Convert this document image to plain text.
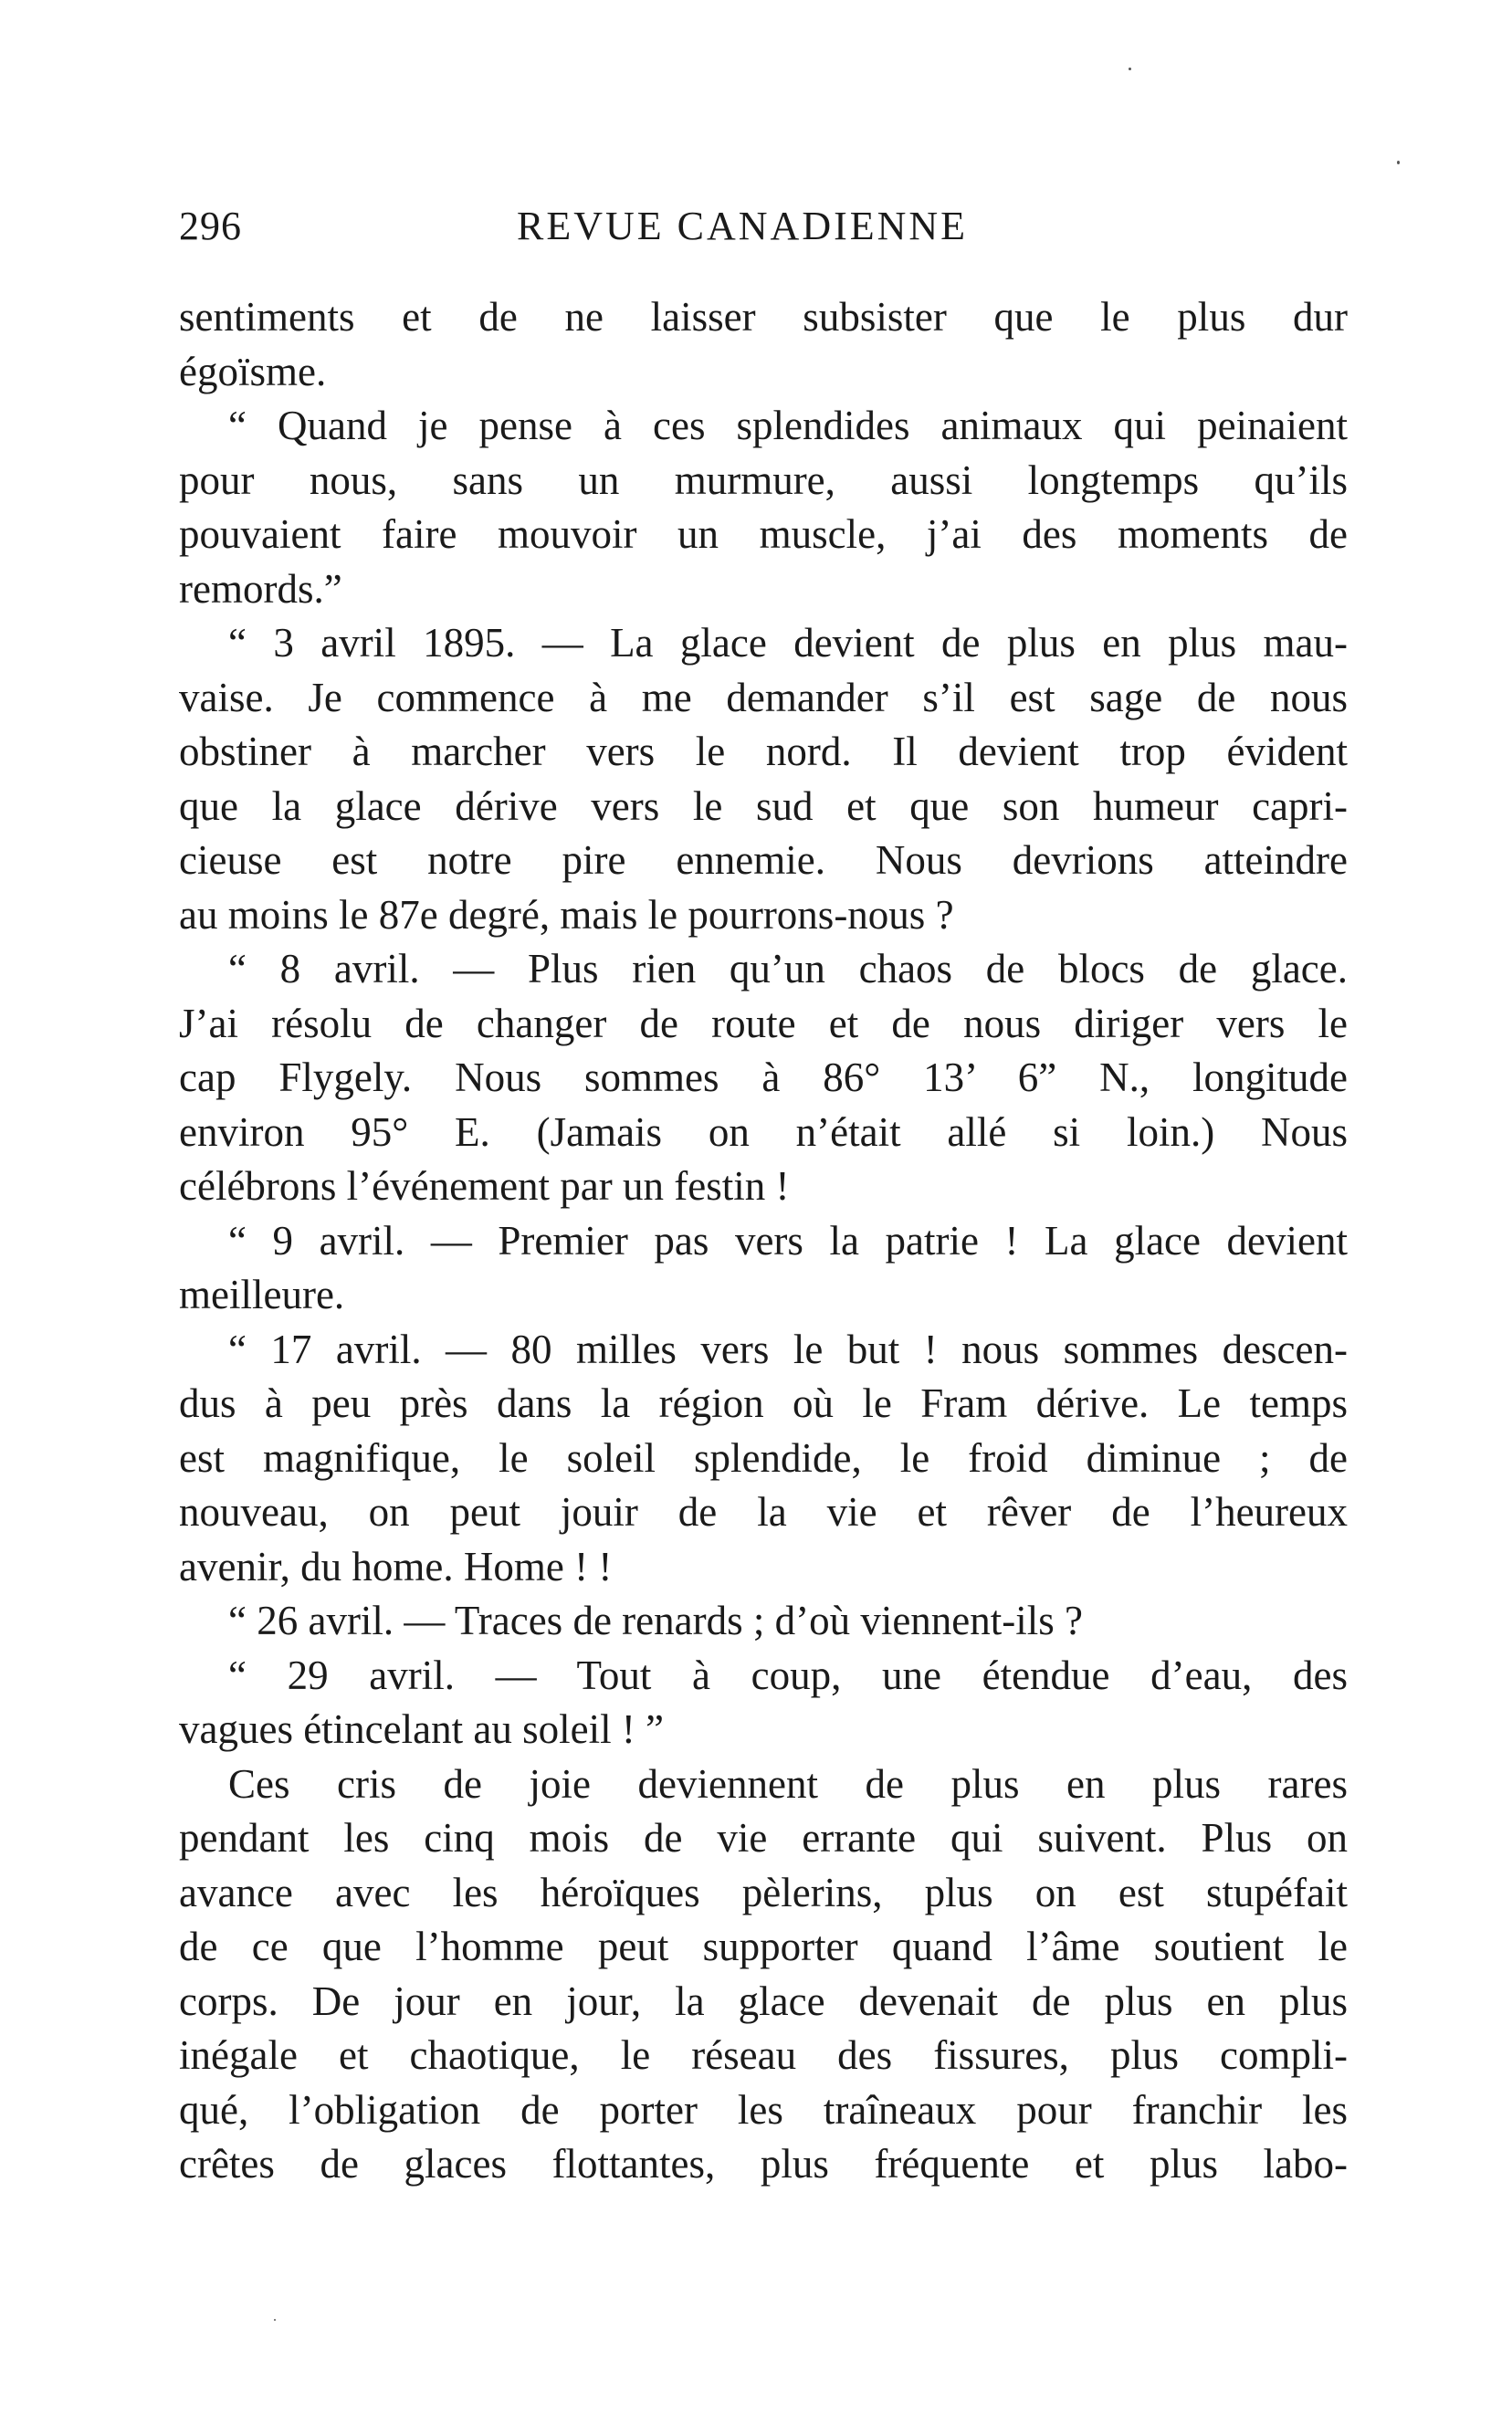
296	REVUE CANADIENNE
sentiments et de ne laisser subsister que le plus dur
égoïsme.
“ Quand je pense à ces splendides animaux qui peinaient
pour nous, sans un murmure, aussi longtemps qu’ils
pouvaient faire mouvoir un muscle, j’ai des moments de
remords.”
“ 3 avril 1895. — La glace devient de plus en plus mau-
vaise. Je commence à me demander s’il est sage de nous
obstiner à marcher vers le nord. Il devient trop évident
que la glace dérive vers le sud et que son humeur capri-
cieuse est notre pire ennemie. Nous devrions atteindre
au moins le 87e degré, mais le pourrons-nous ?
“ 8 avril. — Plus rien qu’un chaos de blocs de glace.
J’ai résolu de changer de route et de nous diriger vers le
cap Flygely. Nous sommes à 86° 13’ 6” N., longitude
environ 95° E. (Jamais on n’était allé si loin.) Nous
célébrons l’événement par un festin !
“ 9 avril. — Premier pas vers la patrie ! La glace devient
meilleure.
“ 17 avril. — 80 milles vers le but ! nous sommes descen-
dus à peu près dans la région où le Fram dérive. Le temps
est magnifique, le soleil splendide, le froid diminue ; de
nouveau, on peut jouir de la vie et rêver de l’heureux
avenir, du home. Home ! !
“ 26 avril. — Traces de renards ; d’où viennent-ils ?
“ 29 avril. — Tout à coup, une étendue d’eau, des
vagues étincelant au soleil ! ”
Ces cris de joie deviennent de plus en plus rares
pendant les cinq mois de vie errante qui suivent. Plus on
avance avec les héroïques pèlerins, plus on est stupéfait
de ce que l’homme peut supporter quand l’âme soutient le
corps. De jour en jour, la glace devenait de plus en plus
inégale et chaotique, le réseau des fissures, plus compli-
qué, l’obligation de porter les traîneaux pour franchir les
crêtes de glaces flottantes, plus fréquente et plus labo-
